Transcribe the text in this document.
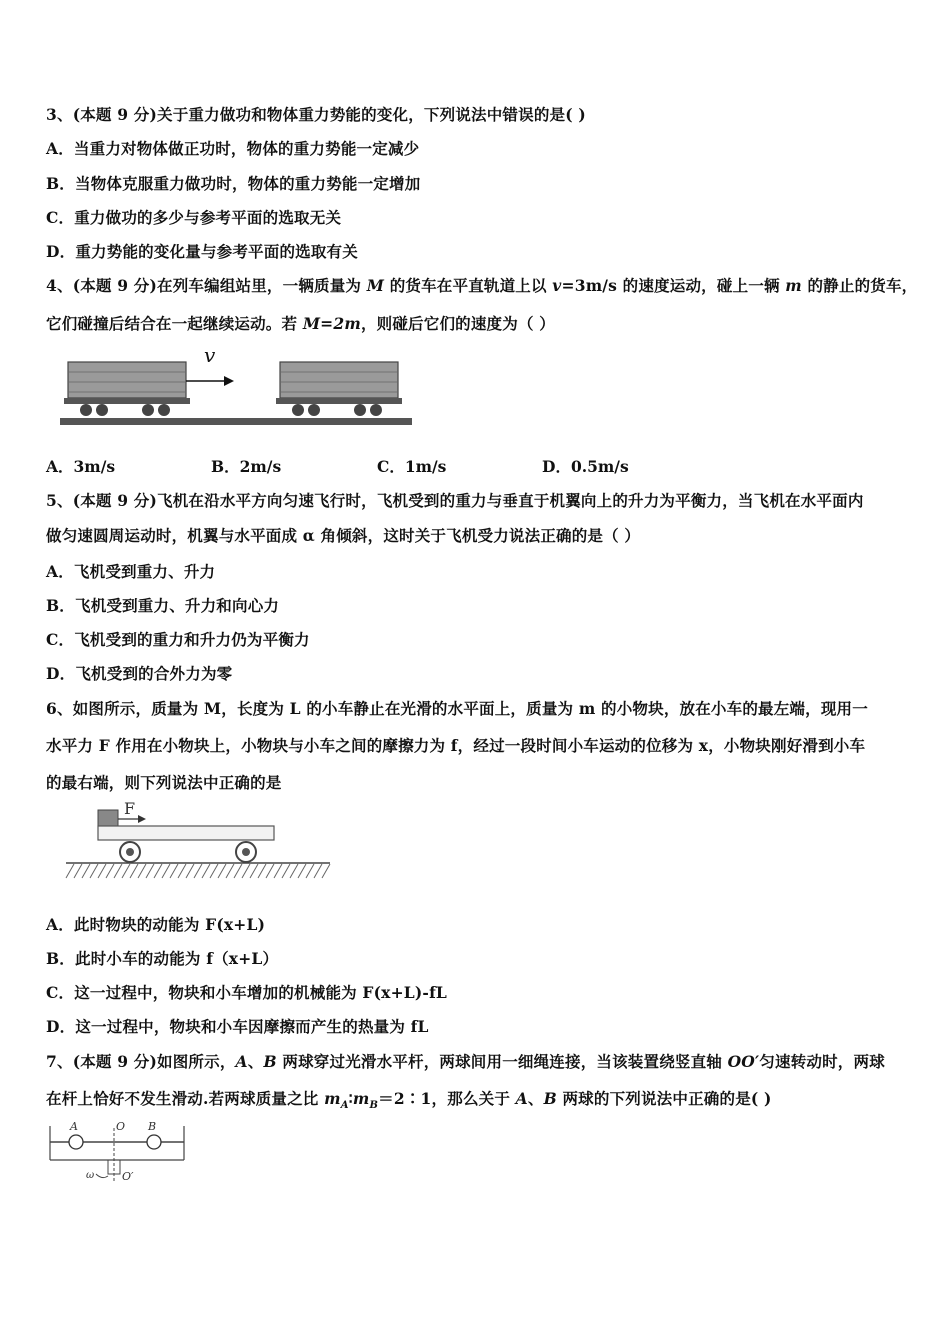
3、(本题 9 分)关于重力做功和物体重力势能的变化，下列说法中错误的是( )
A．当重力对物体做正功时，物体的重力势能一定减少
B．当物体克服重力做功时，物体的重力势能一定增加
C．重力做功的多少与参考平面的选取无关
D．重力势能的变化量与参考平面的选取有关
4、(本题 9 分)在列车编组站里，一辆质量为 M 的货车在平直轨道上以 v=3m/s 的速度运动，碰上一辆 m 的静止的货车，
它们碰撞后结合在一起继续运动。若 M=2m，则碰后它们的速度为（ ）
v
A．3m/s	B．2m/s	C．1m/s	D．0.5m/s
5、(本题 9 分)飞机在沿水平方向匀速飞行时，飞机受到的重力与垂直于机翼向上的升力为平衡力，当飞机在水平面内
做匀速圆周运动时，机翼与水平面成 α 角倾斜，这时关于飞机受力说法正确的是（ ）
A．飞机受到重力、升力
B．飞机受到重力、升力和向心力
C．飞机受到的重力和升力仍为平衡力
D．飞机受到的合外力为零
6、如图所示，质量为 M，长度为 L 的小车静止在光滑的水平面上，质量为 m 的小物块，放在小车的最左端，现用一
水平力 F 作用在小物块上，小物块与小车之间的摩擦力为 f，经过一段时间小车运动的位移为 x，小物块刚好滑到小车
的最右端，则下列说法中正确的是
F
A．此时物块的动能为 F(x+L)
B．此时小车的动能为 f（x+L）
C．这一过程中，物块和小车增加的机械能为 F(x+L)-fL
D．这一过程中，物块和小车因摩擦而产生的热量为 fL
7、(本题 9 分)如图所示，A、B 两球穿过光滑水平杆，两球间用一细绳连接，当该装置绕竖直轴 OO′匀速转动时，两球
在杆上恰好不发生滑动.若两球质量之比 $m_A∶m_B=2∶1$，那么关于 A、B 两球的下列说法中正确的是( )
A	O B
ω	O′
